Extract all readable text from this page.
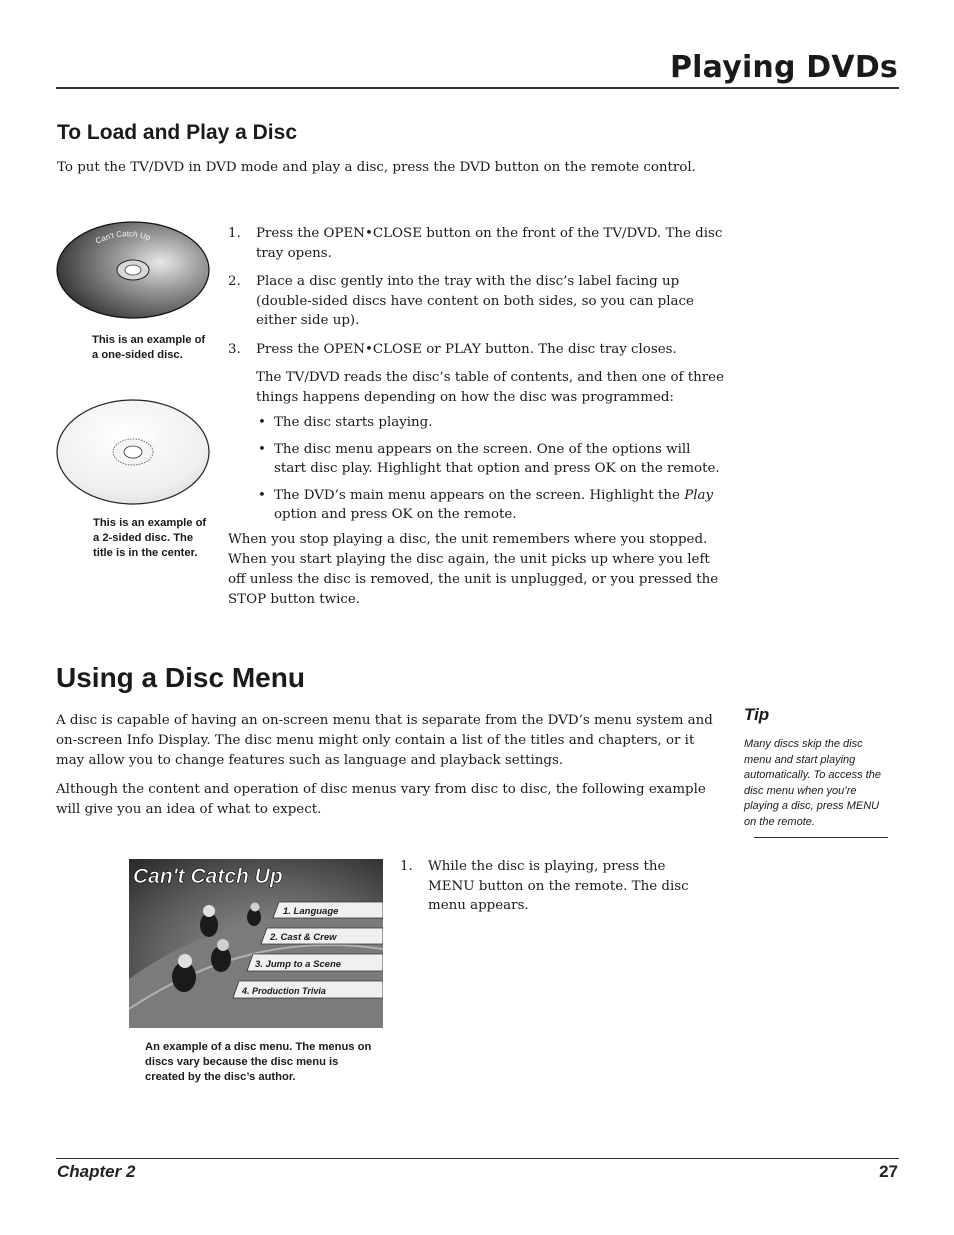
Playing DVDs
To Load and Play a Disc
To put the TV/DVD in DVD mode and play a disc, press the DVD button on the remote control.
Can't Catch Up
This is an example of a one-sided disc.
This is an example of a 2-sided disc. The title is in the center.
1. Press the OPEN•CLOSE button on the front of the TV/DVD. The disc tray opens.
2. Place a disc gently into the tray with the disc’s label facing up (double-sided discs have content on both sides, so you can place either side up).
3. Press the OPEN•CLOSE or PLAY button. The disc tray closes.
The TV/DVD reads the disc’s table of contents, and then one of three things happens depending on how the disc was programmed:
• The disc starts playing.
• The disc menu appears on the screen. One of the options will start disc play. Highlight that option and press OK on the remote.
• The DVD’s main menu appears on the screen. Highlight the Play option and press OK on the remote.
When you stop playing a disc, the unit remembers where you stopped. When you start playing the disc again, the unit picks up where you left off unless the disc is removed, the unit is unplugged, or you pressed the STOP button twice.
Using a Disc Menu
A disc is capable of having an on-screen menu that is separate from the DVD’s menu system and on-screen Info Display. The disc menu might only contain a list of the titles and chapters, or it may allow you to change features such as language and playback settings.
Although the content and operation of disc menus vary from disc to disc, the following example will give you an idea of what to expect.
Tip
Many discs skip the disc menu and start playing automatically. To access the disc menu when you’re playing a disc, press MENU on the remote.
Can't Catch Up
1. Language
2. Cast & Crew
3. Jump to a Scene
4. Production Trivia
An example of a disc menu. The menus on discs vary because the disc menu is created by the disc’s author.
1. While the disc is playing, press the MENU button on the remote. The disc menu appears.
Chapter 2	27
